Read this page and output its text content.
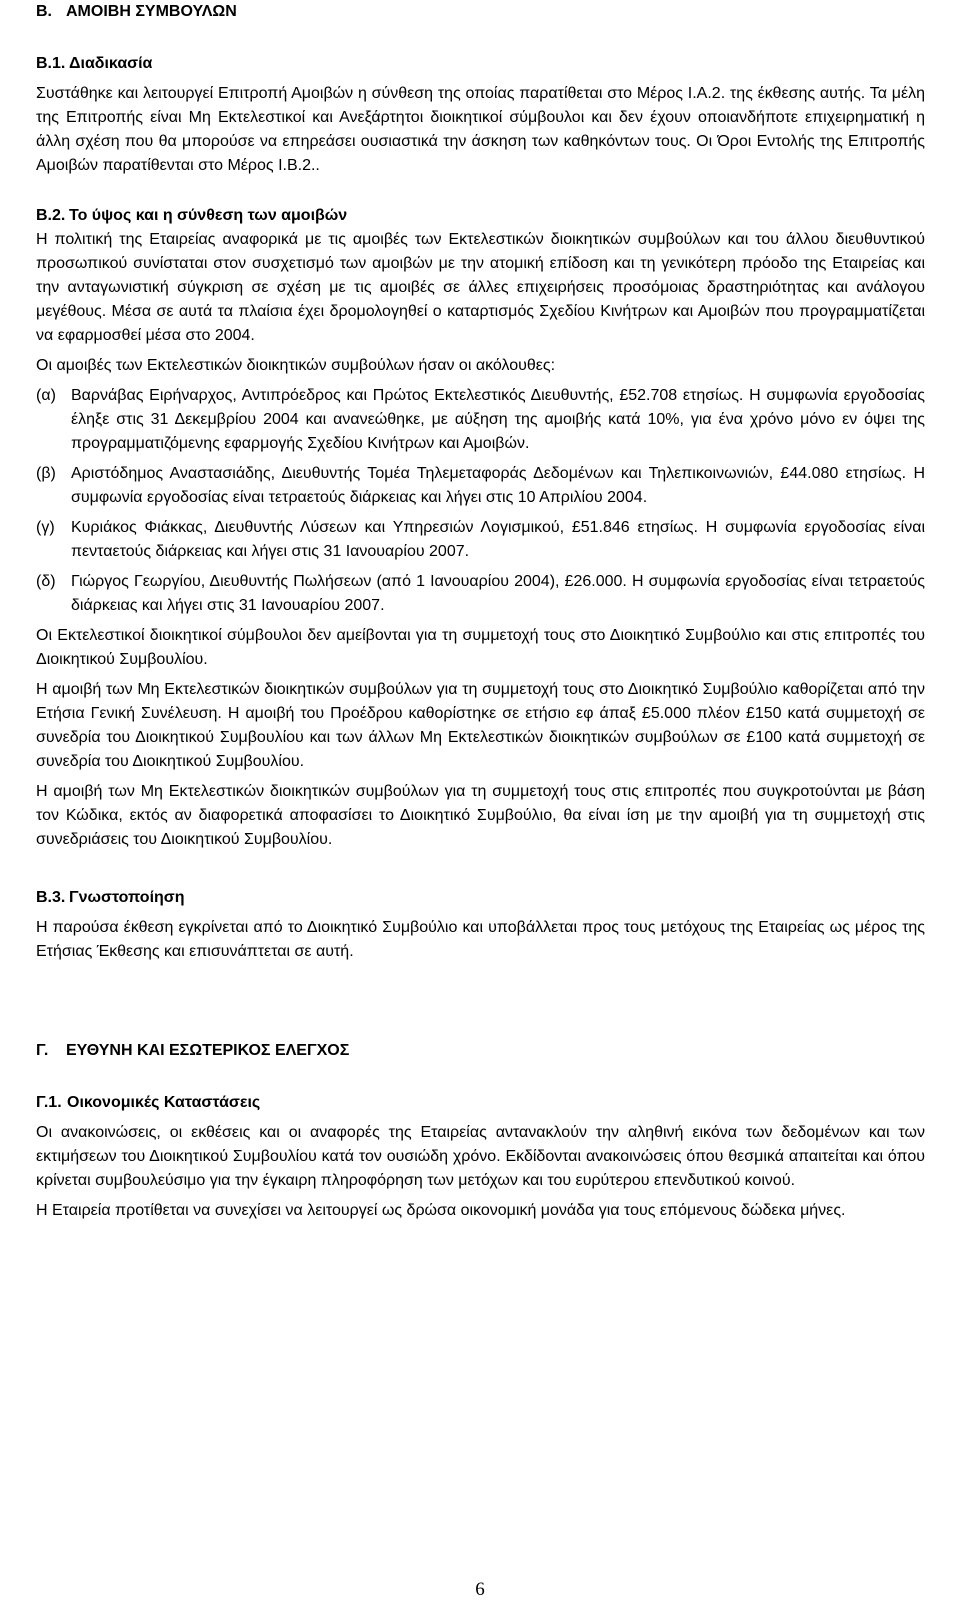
Β. ΑΜΟΙΒΗ ΣΥΜΒΟΥΛΩΝ
Β.1. Διαδικασία

Συστάθηκε και λειτουργεί Επιτροπή Αμοιβών η σύνθεση της οποίας παρατίθεται στο Μέρος Ι.Α.2. της έκθεσης αυτής. Τα μέλη της Επιτροπής είναι Μη Εκτελεστικοί και Ανεξάρτητοι διοικητικοί σύμβουλοι και δεν έχουν οποιανδήποτε επιχειρηματική η άλλη σχέση που θα μπορούσε να επηρεάσει ουσιαστικά την άσκηση των καθηκόντων τους. Οι Όροι Εντολής της Επιτροπής Αμοιβών παρατίθενται στο Μέρος Ι.Β.2..

Β.2. Το ύψος και η σύνθεση των αμοιβών

Η πολιτική της Εταιρείας αναφορικά με τις αμοιβές των Εκτελεστικών διοικητικών συμβούλων και του άλλου διευθυντικού προσωπικού συνίσταται στον συσχετισμό των αμοιβών με την ατομική επίδοση και τη γενικότερη πρόοδο της Εταιρείας και την ανταγωνιστική σύγκριση σε σχέση με τις αμοιβές σε άλλες επιχειρήσεις προσόμοιας δραστηριότητας και ανάλογου μεγέθους. Μέσα σε αυτά τα πλαίσια έχει δρομολογηθεί ο καταρτισμός Σχεδίου Κινήτρων και Αμοιβών που προγραμματίζεται να εφαρμοσθεί μέσα στο 2004.

Οι αμοιβές των Εκτελεστικών διοικητικών συμβούλων ήσαν οι ακόλουθες:

(α) Βαρνάβας Ειρήναρχος, Αντιπρόεδρος και Πρώτος Εκτελεστικός Διευθυντής, £52.708 ετησίως. Η συμφωνία εργοδοσίας έληξε στις 31 Δεκεμβρίου 2004 και ανανεώθηκε, με αύξηση της αμοιβής κατά 10%, για ένα χρόνο μόνο εν όψει της προγραμματιζόμενης εφαρμογής Σχεδίου Κινήτρων και Αμοιβών.
(β) Αριστόδημος Αναστασιάδης, Διευθυντής Τομέα Τηλεμεταφοράς Δεδομένων και Τηλεπικοινωνιών, £44.080 ετησίως. Η συμφωνία εργοδοσίας είναι τετραετούς διάρκειας και λήγει στις 10 Απριλίου 2004.
(γ)	Κυριάκος Φιάκκας, Διευθυντής Λύσεων και Υπηρεσιών Λογισμικού, £51.846 ετησίως. Η συμφωνία εργοδοσίας είναι πενταετούς διάρκειας και λήγει στις 31 Ιανουαρίου 2007.
(δ) Γιώργος Γεωργίου, Διευθυντής Πωλήσεων (από 1 Ιανουαρίου 2004), £26.000. Η συμφωνία εργοδοσίας είναι τετραετούς διάρκειας και λήγει στις 31 Ιανουαρίου 2007.

Οι Εκτελεστικοί διοικητικοί σύμβουλοι δεν αμείβονται για τη συμμετοχή τους στο Διοικητικό Συμβούλιο και στις επιτροπές του Διοικητικού Συμβουλίου.

Η αμοιβή των Μη Εκτελεστικών διοικητικών συμβούλων για τη συμμετοχή τους στο Διοικητικό Συμβούλιο καθορίζεται από την Ετήσια Γενική Συνέλευση. Η αμοιβή του Προέδρου καθορίστηκε σε ετήσιο εφ άπαξ £5.000 πλέον £150 κατά συμμετοχή σε συνεδρία του Διοικητικού Συμβουλίου και των άλλων Μη Εκτελεστικών διοικητικών συμβούλων σε £100 κατά συμμετοχή σε συνεδρία του Διοικητικού Συμβουλίου.

Η αμοιβή των Μη Εκτελεστικών διοικητικών συμβούλων για τη συμμετοχή τους στις επιτροπές που συγκροτούνται με βάση τον Κώδικα, εκτός αν διαφορετικά αποφασίσει το Διοικητικό Συμβούλιο, θα είναι ίση με την αμοιβή για τη συμμετοχή στις συνεδριάσεις του Διοικητικού Συμβουλίου.

Β.3. Γνωστοποίηση

Η παρούσα έκθεση εγκρίνεται από το Διοικητικό Συμβούλιο και υποβάλλεται προς τους μετόχους της Εταιρείας ως μέρος της Ετήσιας Έκθεσης και επισυνάπτεται σε αυτή.

Γ. ΕΥΘΥΝΗ ΚΑΙ ΕΣΩΤΕΡΙΚΟΣ ΕΛΕΓΧΟΣ
Γ.1. Οικονομικές Καταστάσεις

Οι ανακοινώσεις, οι εκθέσεις και οι αναφορές της Εταιρείας αντανακλούν την αληθινή εικόνα των δεδομένων και των εκτιμήσεων του Διοικητικού Συμβουλίου κατά τον ουσιώδη χρόνο. Εκδίδονται ανακοινώσεις όπου θεσμικά απαιτείται και όπου κρίνεται συμβουλεύσιμο για την έγκαιρη πληροφόρηση των μετόχων και του ευρύτερου επενδυτικού κοινού.

Η Εταιρεία προτίθεται να συνεχίσει να λειτουργεί ως δρώσα οικονομική μονάδα για τους επόμενους δώδεκα μήνες.

6
